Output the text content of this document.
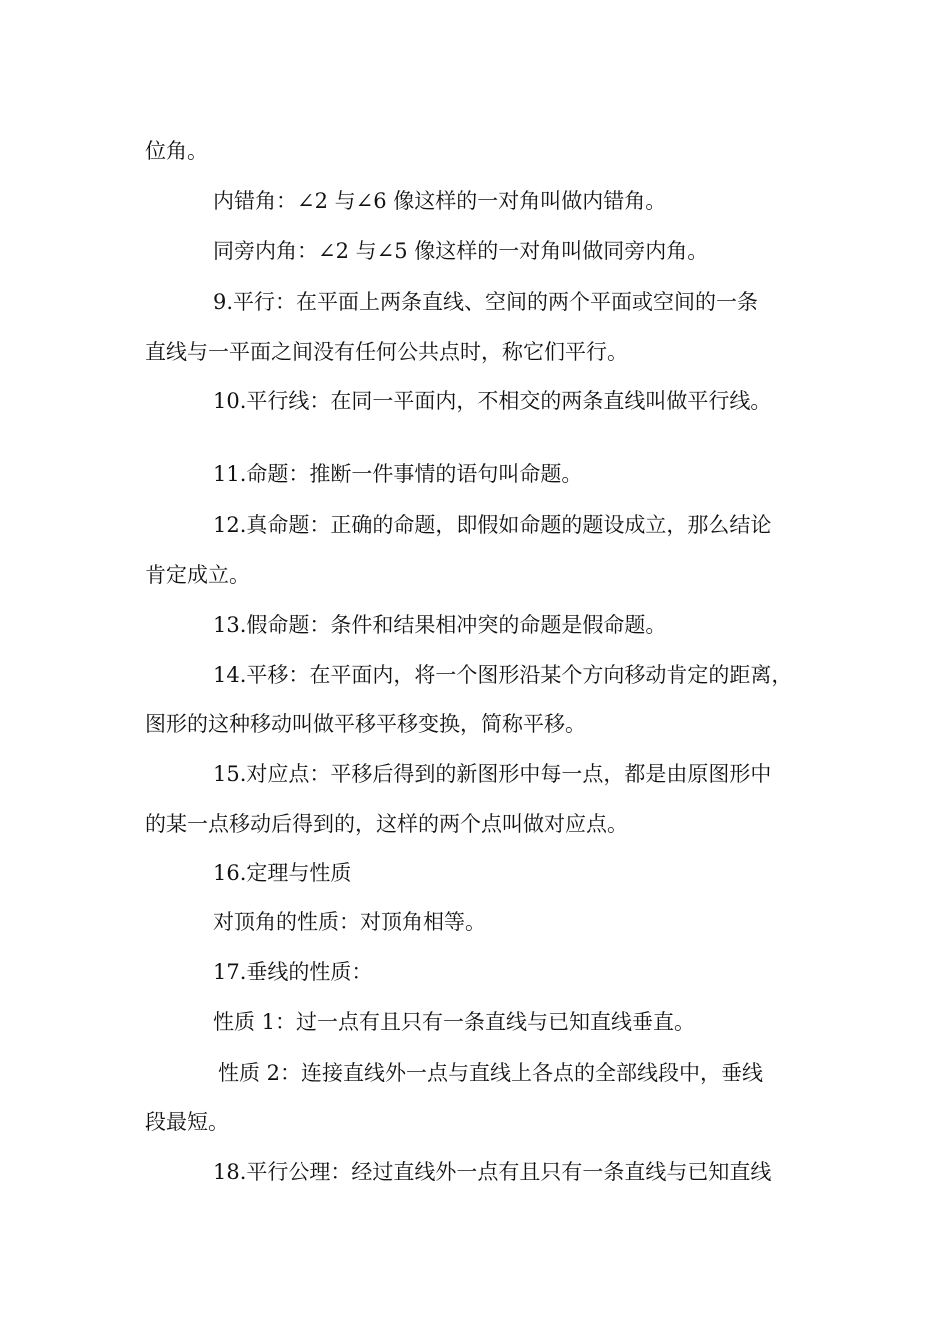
位角。
内错角：∠2 与∠6 像这样的一对角叫做内错角。
同旁内角：∠2 与∠5 像这样的一对角叫做同旁内角。
9.平行：在平面上两条直线、空间的两个平面或空间的一条
直线与一平面之间没有任何公共点时，称它们平行。
10.平行线：在同一平面内，不相交的两条直线叫做平行线。
11.命题：推断一件事情的语句叫命题。
12.真命题：正确的命题，即假如命题的题设成立，那么结论
肯定成立。
13.假命题：条件和结果相冲突的命题是假命题。
14.平移：在平面内，将一个图形沿某个方向移动肯定的距离，
图形的这种移动叫做平移平移变换，简称平移。
15.对应点：平移后得到的新图形中每一点，都是由原图形中
的某一点移动后得到的，这样的两个点叫做对应点。
16.定理与性质
对顶角的性质：对顶角相等。
17.垂线的性质：
性质 1：过一点有且只有一条直线与已知直线垂直。
性质 2：连接直线外一点与直线上各点的全部线段中，垂线
段最短。
18.平行公理：经过直线外一点有且只有一条直线与已知直线
